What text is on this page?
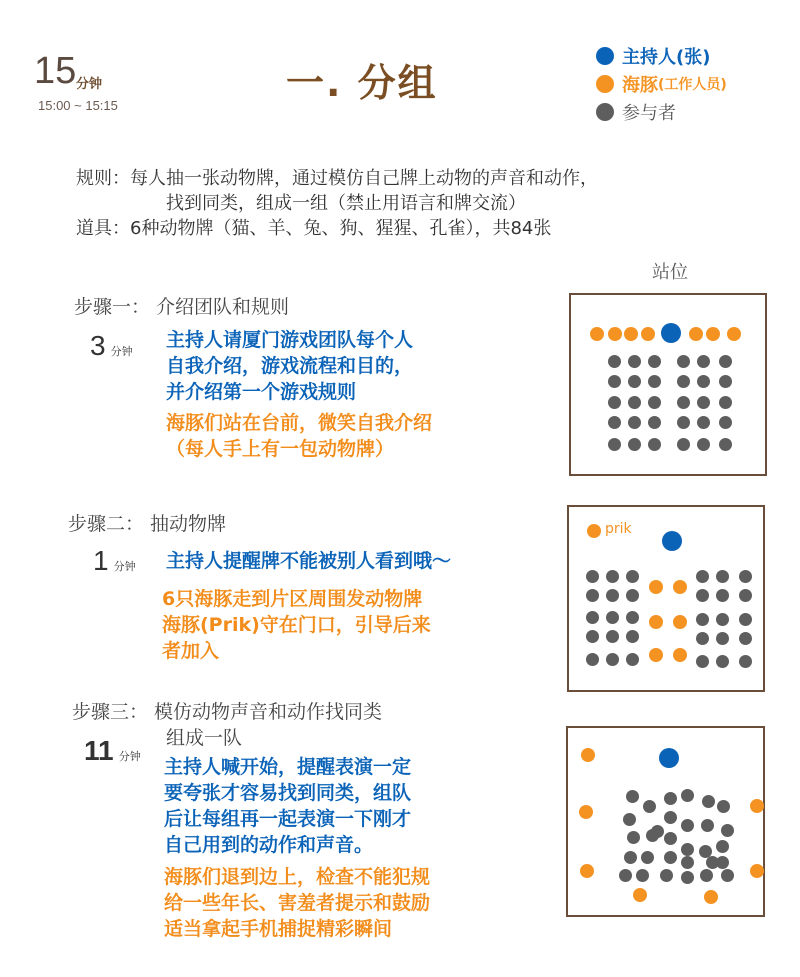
15 分钟
15:00 ~ 15:15
一. 分组
主持人 (张)
海豚 (工作人员)
参与者
规则：每人抽一张动物牌，通过模仿自己牌上动物的声音和动作，
找到同类，组成一组（禁止用语言和牌交流）
道具：6种动物牌（猫、羊、兔、狗、猩猩、孔雀），共84张
站位
步骤一： 介绍团队和规则
3 分钟
主持人请厦门游戏团队每个人
自我介绍，游戏流程和目的，
并介绍第一个游戏规则
海豚们站在台前，微笑自我介绍
（每人手上有一包动物牌）
步骤二： 抽动物牌
1 分钟 主持人提醒牌不能被别人看到哦～
6只海豚走到片区周围发动物牌
海豚(Prik)守在门口，引导后来
者加入
步骤三： 模仿动物声音和动作找同类
组成一队
11 分钟 主持人喊开始，提醒表演一定
要夸张才容易找到同类，组队
后让每组再一起表演一下刚才
自己用到的动作和声音。
海豚们退到边上，检查不能犯规
给一些年长、害羞者提示和鼓励
适当拿起手机捕捉精彩瞬间
prik
